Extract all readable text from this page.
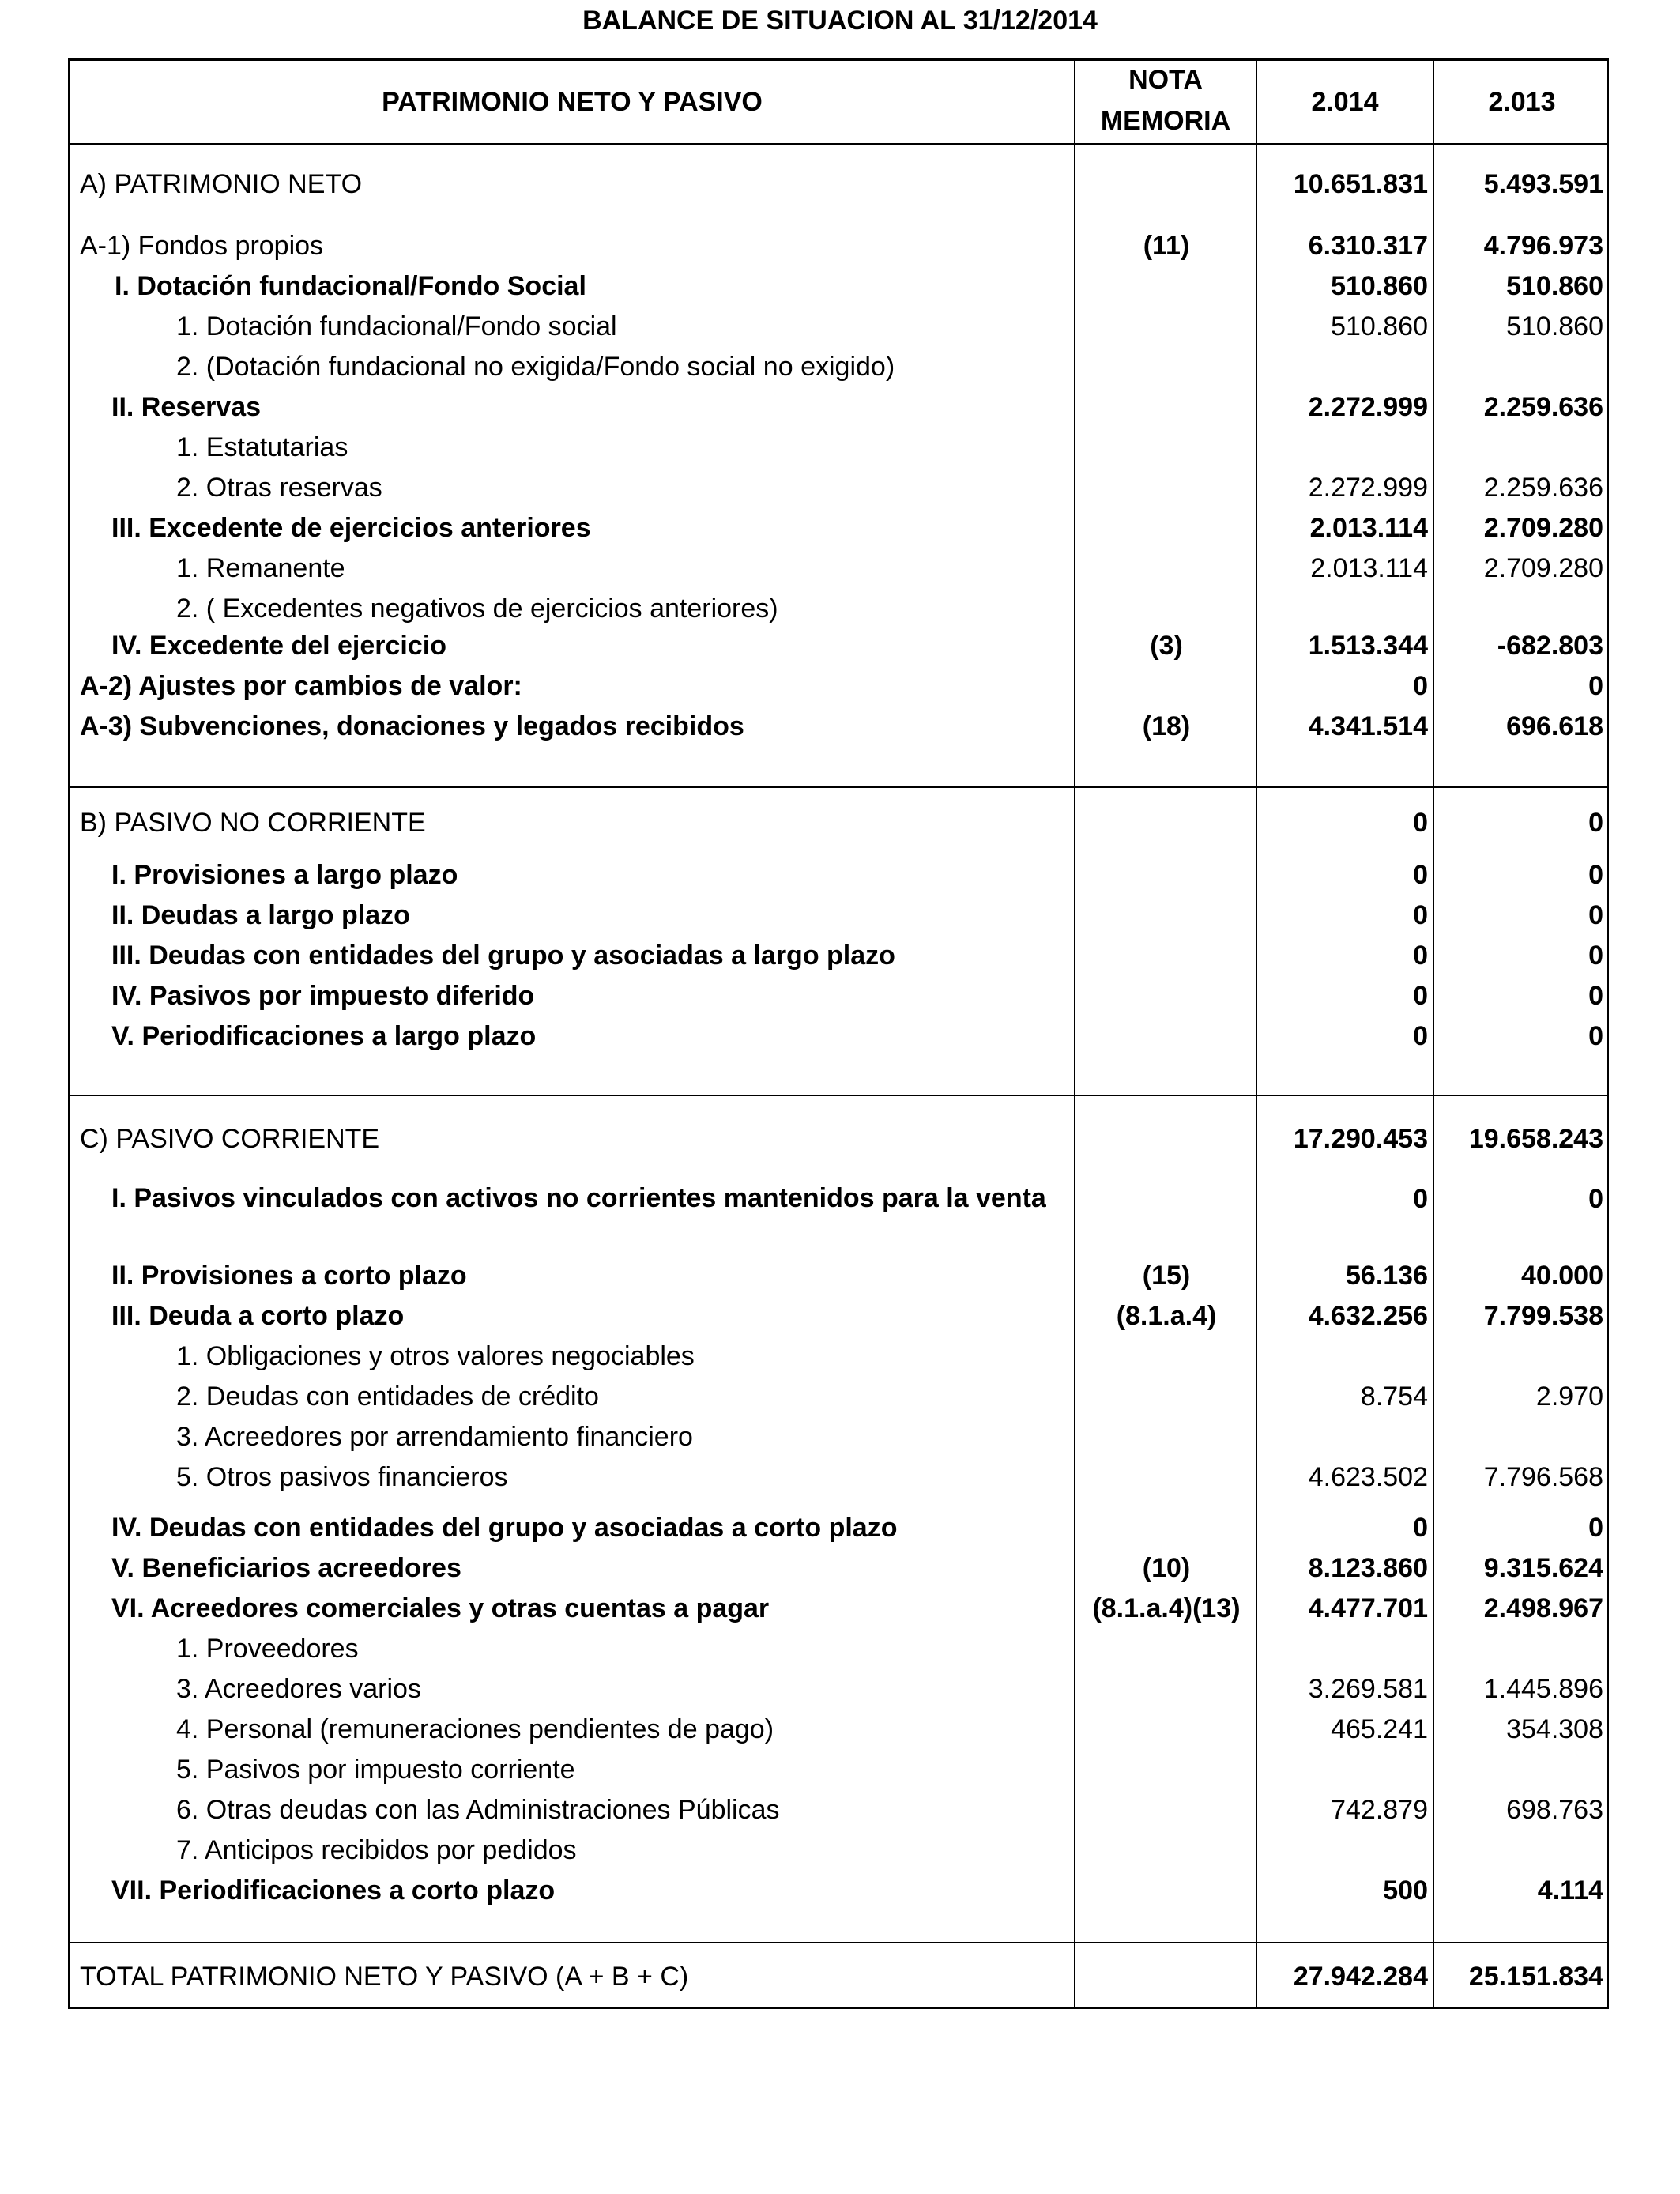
BALANCE DE SITUACION AL 31/12/2014
PATRIMONIO NETO Y PASIVO
NOTA
MEMORIA
2.014	2.013
A) PATRIMONIO NETO	10.651.831	5.493.591
A-1) Fondos propios	(11)	6.310.317	4.796.973
I. Dotación fundacional/Fondo Social	510.860	510.860
1. Dotación fundacional/Fondo social	510.860	510.860
2. (Dotación fundacional no exigida/Fondo social no exigido)
II. Reservas	2.272.999	2.259.636
1. Estatutarias
2. Otras reservas	2.272.999	2.259.636
III. Excedente de ejercicios anteriores	2.013.114	2.709.280
1. Remanente	2.013.114	2.709.280
2. ( Excedentes negativos de ejercicios anteriores)
IV. Excedente del ejercicio	(3)	1.513.344	-682.803
A-2) Ajustes por cambios de valor:	0	0
A-3) Subvenciones, donaciones y legados recibidos	(18)	4.341.514	696.618
B) PASIVO NO CORRIENTE	0	0
I. Provisiones a largo plazo	0	0
II. Deudas a largo plazo	0	0
III. Deudas con entidades del grupo y asociadas a largo plazo	0	0
IV. Pasivos por impuesto diferido	0	0
V. Periodificaciones a largo plazo	0	0
C) PASIVO CORRIENTE	17.290.453	19.658.243
I. Pasivos vinculados con activos no corrientes mantenidos para la venta	0	0
II. Provisiones a corto plazo	(15)	56.136	40.000
III. Deuda a corto plazo	(8.1.a.4)	4.632.256	7.799.538
1. Obligaciones y otros valores negociables
2. Deudas con entidades de crédito	8.754	2.970
3. Acreedores por arrendamiento financiero
5. Otros pasivos financieros	4.623.502	7.796.568
IV. Deudas con entidades del grupo y asociadas a corto plazo	0	0
V. Beneficiarios acreedores	(10)	8.123.860	9.315.624
VI. Acreedores comerciales y otras cuentas a pagar	(8.1.a.4)(13)	4.477.701	2.498.967
1. Proveedores
3. Acreedores varios	3.269.581	1.445.896
4. Personal (remuneraciones pendientes de pago)	465.241	354.308
5. Pasivos por impuesto corriente
6. Otras deudas con las Administraciones Públicas	742.879	698.763
7. Anticipos recibidos por pedidos
VII. Periodificaciones a corto plazo	500	4.114
TOTAL PATRIMONIO NETO Y PASIVO (A + B + C)	27.942.284	25.151.834
